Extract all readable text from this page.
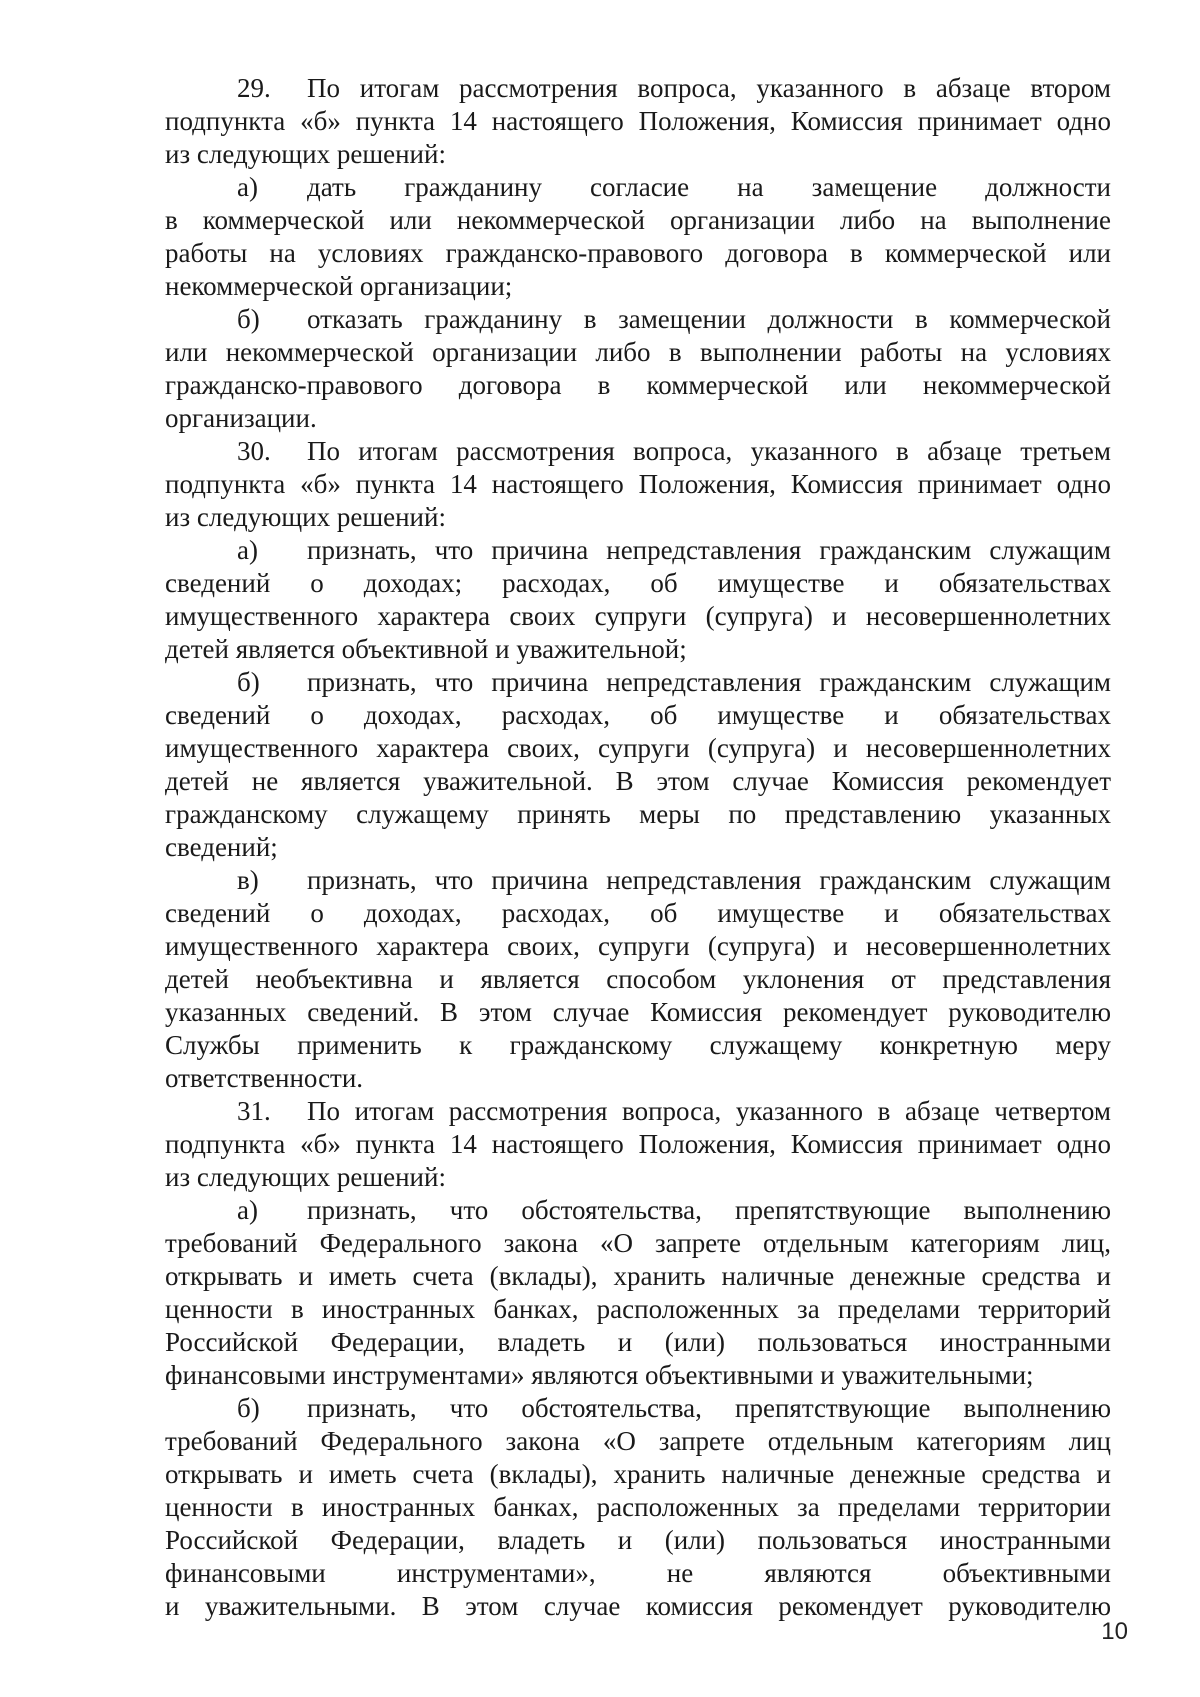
29. По итогам рассмотрения вопроса, указанного в абзаце втором
подпункта «б» пункта 14 настоящего Положения, Комиссия принимает одно
из следующих решений:
а) дать гражданину согласие на замещение должности
в коммерческой или некоммерческой организации либо на выполнение
работы на условиях гражданско-правового договора в коммерческой или
некоммерческой организации;
б) отказать гражданину в замещении должности в коммерческой
или некоммерческой организации либо в выполнении работы на условиях
гражданско-правового договора в коммерческой или некоммерческой
организации.
30. По итогам рассмотрения вопроса, указанного в абзаце третьем
подпункта «б» пункта 14 настоящего Положения, Комиссия принимает одно
из следующих решений:
а) признать, что причина непредставления гражданским служащим
сведений о доходах; расходах, об имуществе и обязательствах
имущественного характера своих супруги (супруга) и несовершеннолетних
детей является объективной и уважительной;
б) признать, что причина непредставления гражданским служащим
сведений о доходах, расходах, об имуществе и обязательствах
имущественного характера своих, супруги (супруга) и несовершеннолетних
детей не является уважительной. В этом случае Комиссия рекомендует
гражданскому служащему принять меры по представлению указанных
сведений;
в) признать, что причина непредставления гражданским служащим
сведений о доходах, расходах, об имуществе и обязательствах
имущественного характера своих, супруги (супруга) и несовершеннолетних
детей необъективна и является способом уклонения от представления
указанных сведений. В этом случае Комиссия рекомендует руководителю
Службы применить к гражданскому служащему конкретную меру
ответственности.
31. По итогам рассмотрения вопроса, указанного в абзаце четвертом
подпункта «б» пункта 14 настоящего Положения, Комиссия принимает одно
из следующих решений:
а) признать, что обстоятельства, препятствующие выполнению
требований Федерального закона «О запрете отдельным категориям лиц,
открывать и иметь счета (вклады), хранить наличные денежные средства и
ценности в иностранных банках, расположенных за пределами территорий
Российской Федерации, владеть и (или) пользоваться иностранными
финансовыми инструментами» являются объективными и уважительными;
б) признать, что обстоятельства, препятствующие выполнению
требований Федерального закона «О запрете отдельным категориям лиц
открывать и иметь счета (вклады), хранить наличные денежные средства и
ценности в иностранных банках, расположенных за пределами территории
Российской Федерации, владеть и (или) пользоваться иностранными
финансовыми инструментами», не являются объективными
и уважительными. В этом случае комиссия рекомендует руководителю
10
